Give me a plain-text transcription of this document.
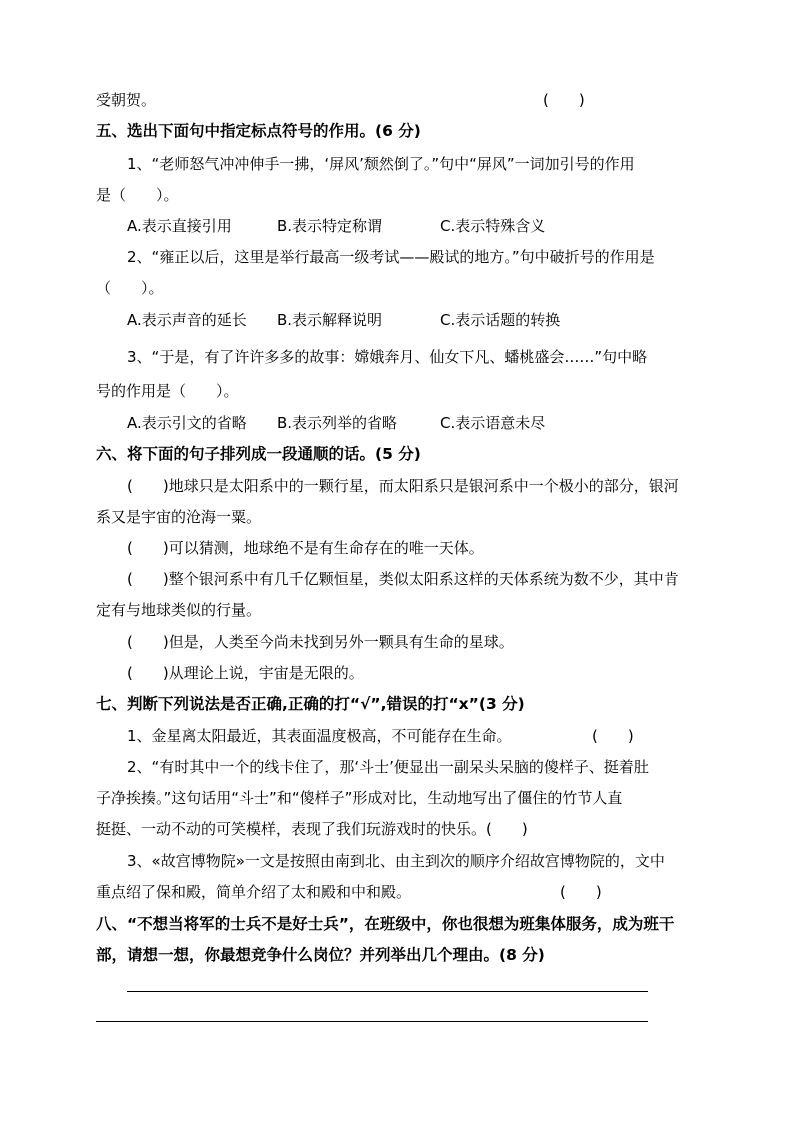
受朝贺。	(  )
五、选出下面句中指定标点符号的作用。(6 分)
1、“老师怒气冲冲伸手一拂，‘屏风’颓然倒了。”句中“屏风”一词加引号的作用
是（  ）。
A.表示直接引用	B.表示特定称谓	C.表示特殊含义
2、“雍正以后，这里是举行最高一级考试——殿试的地方。”句中破折号的作用是
（  ）。
A.表示声音的延长 B.表示解释说明	C.表示话题的转换
3、“于是，有了许许多多的故事：嫦娥奔月、仙女下凡、蟠桃盛会……”句中略
号的作用是（  ）。
A.表示引文的省略 B.表示列举的省略	C.表示语意未尽
六、将下面的句子排列成一段通顺的话。(5 分)
(  )地球只是太阳系中的一颗行星，而太阳系只是银河系中一个极小的部分，银河
系又是宇宙的沧海一粟。
(  )可以猜测，地球绝不是有生命存在的唯一天体。
(  )整个银河系中有几千亿颗恒星，类似太阳系这样的天体系统为数不少，其中肯
定有与地球类似的行量。
(  )但是，人类至今尚未找到另外一颗具有生命的星球。
(  )从理论上说，宇宙是无限的。
七、判断下列说法是否正确,正确的打“√”,错误的打“x”(3 分)
1、金星离太阳最近，其表面温度极高，不可能存在生命。	(  )
2、“有时其中一个的线卡住了，那‘斗士’便显出一副呆头呆脑的傻样子、挺着肚
子净挨揍。”这句话用“斗士”和“傻样子”形成对比，生动地写出了僵住的竹节人直
挺挺、一动不动的可笑模样，表现了我们玩游戏时的快乐。(  )
3、«故宫博物院»一文是按照由南到北、由主到次的顺序介绍故宫博物院的，文中
重点绍了保和殿，简单介绍了太和殿和中和殿。	(  )
八、“不想当将军的士兵不是好士兵”，在班级中，你也很想为班集体服务，成为班干
部，请想一想，你最想竞争什么岗位？并列举出几个理由。(8 分)
